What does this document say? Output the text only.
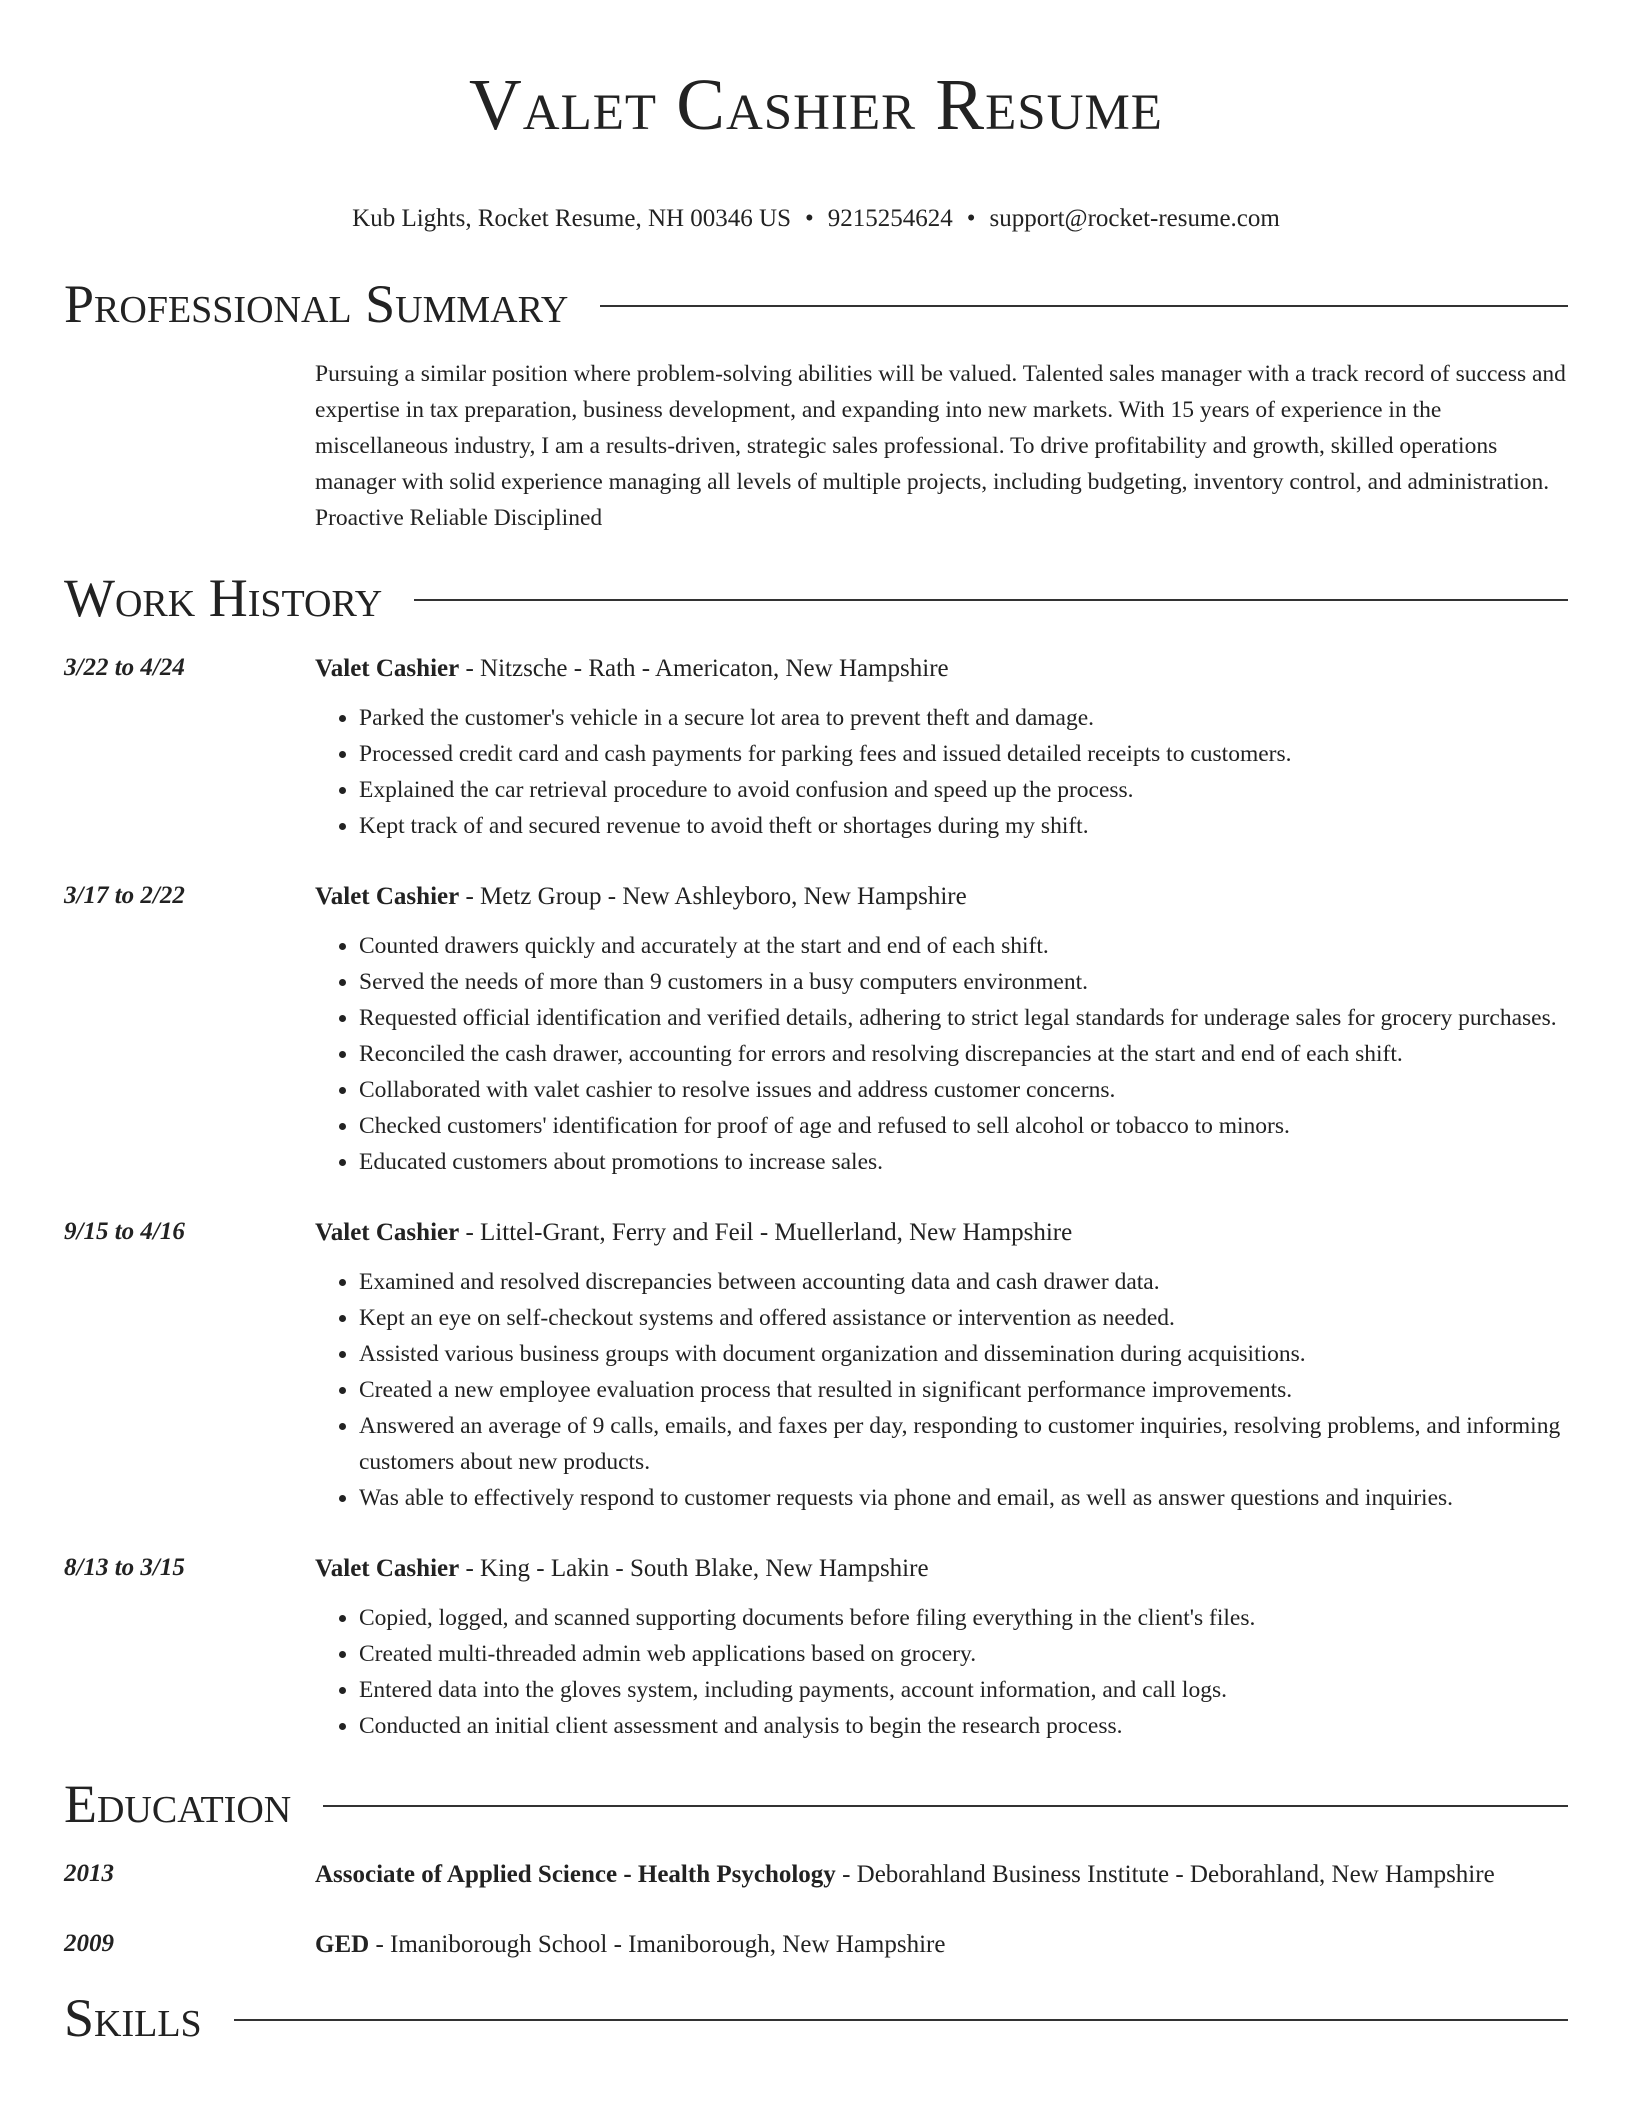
Valet Cashier Resume
Kub Lights, Rocket Resume, NH 00346 US • 9215254624 • support@rocket-resume.com
Professional Summary
Pursuing a similar position where problem-solving abilities will be valued. Talented sales manager with a track record of success and expertise in tax preparation, business development, and expanding into new markets. With 15 years of experience in the miscellaneous industry, I am a results-driven, strategic sales professional. To drive profitability and growth, skilled operations manager with solid experience managing all levels of multiple projects, including budgeting, inventory control, and administration. Proactive Reliable Disciplined
Work History
3/22 to 4/24	Valet Cashier - Nitzsche - Rath - Americaton, New Hampshire
• Parked the customer's vehicle in a secure lot area to prevent theft and damage.
• Processed credit card and cash payments for parking fees and issued detailed receipts to customers.
• Explained the car retrieval procedure to avoid confusion and speed up the process.
• Kept track of and secured revenue to avoid theft or shortages during my shift.
3/17 to 2/22	Valet Cashier - Metz Group - New Ashleyboro, New Hampshire
• Counted drawers quickly and accurately at the start and end of each shift.
• Served the needs of more than 9 customers in a busy computers environment.
• Requested official identification and verified details, adhering to strict legal standards for underage sales for grocery purchases.
• Reconciled the cash drawer, accounting for errors and resolving discrepancies at the start and end of each shift.
• Collaborated with valet cashier to resolve issues and address customer concerns.
• Checked customers' identification for proof of age and refused to sell alcohol or tobacco to minors.
• Educated customers about promotions to increase sales.
9/15 to 4/16	Valet Cashier - Littel-Grant, Ferry and Feil - Muellerland, New Hampshire
• Examined and resolved discrepancies between accounting data and cash drawer data.
• Kept an eye on self-checkout systems and offered assistance or intervention as needed.
• Assisted various business groups with document organization and dissemination during acquisitions.
• Created a new employee evaluation process that resulted in significant performance improvements.
• Answered an average of 9 calls, emails, and faxes per day, responding to customer inquiries, resolving problems, and informing customers about new products.
• Was able to effectively respond to customer requests via phone and email, as well as answer questions and inquiries.
8/13 to 3/15	Valet Cashier - King - Lakin - South Blake, New Hampshire
• Copied, logged, and scanned supporting documents before filing everything in the client's files.
• Created multi-threaded admin web applications based on grocery.
• Entered data into the gloves system, including payments, account information, and call logs.
• Conducted an initial client assessment and analysis to begin the research process.
Education
2013	Associate of Applied Science - Health Psychology - Deborahland Business Institute - Deborahland, New Hampshire
2009	GED - Imaniborough School - Imaniborough, New Hampshire
Skills
